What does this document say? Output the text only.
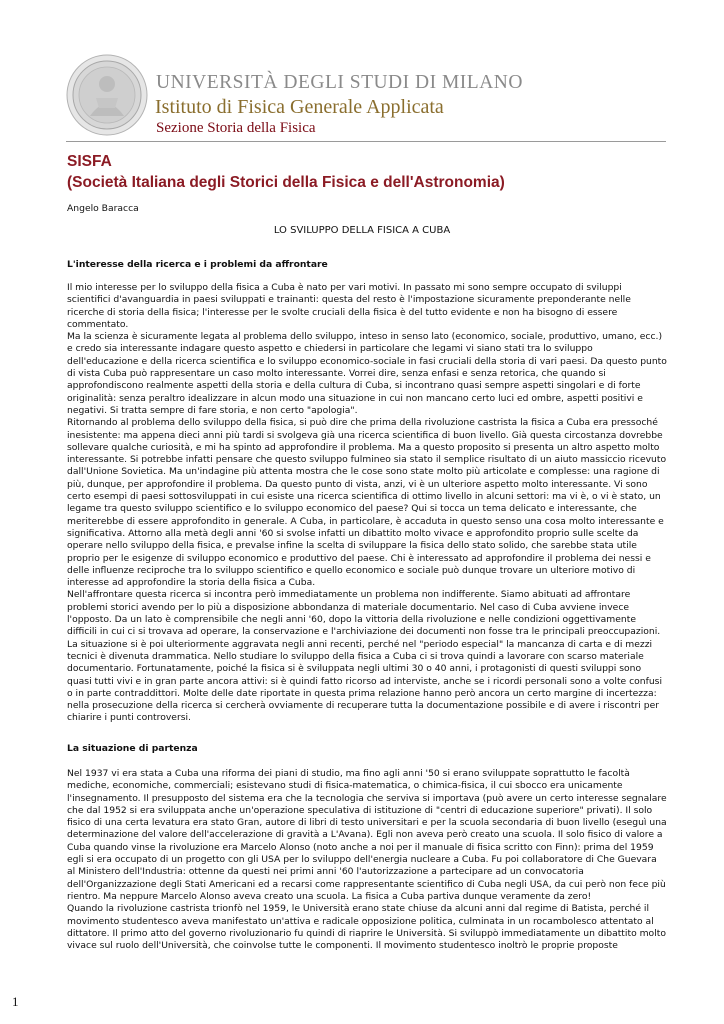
UNIVERSITÀ DEGLI STUDI DI MILANO
Istituto di Fisica Generale Applicata
Sezione Storia della Fisica
SISFA
(Società Italiana degli Storici della Fisica e dell'Astronomia)
Angelo Baracca
LO SVILUPPO DELLA FISICA A CUBA
L'interesse della ricerca e i problemi da affrontare

Il mio interesse per lo sviluppo della fisica a Cuba è nato per vari motivi. In passato mi sono sempre occupato di sviluppi scientifici d'avanguardia in paesi sviluppati e trainanti: questa del resto è l'impostazione sicuramente preponderante nelle ricerche di storia della fisica; l'interesse per le svolte cruciali della fisica è del tutto evidente e non ha bisogno di essere commentato.

Ma la scienza è sicuramente legata al problema dello sviluppo, inteso in senso lato (economico, sociale, produttivo, umano, ecc.) e credo sia interessante indagare questo aspetto e chiedersi in particolare che legami vi siano stati tra lo sviluppo dell'educazione e della ricerca scientifica e lo sviluppo economico-sociale in fasi cruciali della storia di vari paesi. Da questo punto di vista Cuba può rappresentare un caso molto interessante. Vorrei dire, senza enfasi e senza retorica, che quando si approfondiscono realmente aspetti della storia e della cultura di Cuba, si incontrano quasi sempre aspetti singolari e di forte originalità: senza peraltro idealizzare in alcun modo una situazione in cui non mancano certo luci ed ombre, aspetti positivi e negativi. Si tratta sempre di fare storia, e non certo "apologia".

Ritornando al problema dello sviluppo della fisica, si può dire che prima della rivoluzione castrista la fisica a Cuba era pressoché inesistente: ma appena dieci anni più tardi si svolgeva già una ricerca scientifica di buon livello. Già questa circostanza dovrebbe sollevare qualche curiosità, e mi ha spinto ad approfondire il problema. Ma a questo proposito si presenta un altro aspetto molto interessante. Si potrebbe infatti pensare che questo sviluppo fulmineo sia stato il semplice risultato di un aiuto massiccio ricevuto dall'Unione Sovietica. Ma un'indagine più attenta mostra che le cose sono state molto più articolate e complesse: una ragione di più, dunque, per approfondire il problema. Da questo punto di vista, anzi, vi è un ulteriore aspetto molto interessante. Vi sono certo esempi di paesi sottosviluppati in cui esiste una ricerca scientifica di ottimo livello in alcuni settori: ma vi è, o vi è stato, un legame tra questo sviluppo scientifico e lo sviluppo economico del paese? Qui si tocca un tema delicato e interessante, che meriterebbe di essere approfondito in generale. A Cuba, in particolare, è accaduta in questo senso una cosa molto interessante e significativa. Attorno alla metà degli anni '60 si svolse infatti un dibattito molto vivace e approfondito proprio sulle scelte da operare nello sviluppo della fisica, e prevalse infine la scelta di sviluppare la fisica dello stato solido, che sarebbe stata utile proprio per le esigenze di sviluppo economico e produttivo del paese. Chi è interessato ad approfondire il problema dei nessi e delle influenze reciproche tra lo sviluppo scientifico e quello economico e sociale può dunque trovare un ulteriore motivo di interesse ad approfondire la storia della fisica a Cuba.

Nell'affrontare questa ricerca si incontra però immediatamente un problema non indifferente. Siamo abituati ad affrontare problemi storici avendo per lo più a disposizione abbondanza di materiale documentario. Nel caso di Cuba avviene invece l'opposto. Da un lato è comprensibile che negli anni '60, dopo la vittoria della rivoluzione e nelle condizioni oggettivamente difficili in cui ci si trovava ad operare, la conservazione e l'archiviazione dei documenti non fosse tra le principali preoccupazioni. La situazione si è poi ulteriormente aggravata negli anni recenti, perché nel "periodo especial" la mancanza di carta e di mezzi tecnici è divenuta drammatica. Nello studiare lo sviluppo della fisica a Cuba ci si trova quindi a lavorare con scarso materiale documentario. Fortunatamente, poiché la fisica si è sviluppata negli ultimi 30 o 40 anni, i protagonisti di questi sviluppi sono quasi tutti vivi e in gran parte ancora attivi: si è quindi fatto ricorso ad interviste, anche se i ricordi personali sono a volte confusi o in parte contraddittori. Molte delle date riportate in questa prima relazione hanno però ancora un certo margine di incertezza: nella prosecuzione della ricerca si cercherà ovviamente di recuperare tutta la documentazione possibile e di avere i riscontri per chiarire i punti controversi.

La situazione di partenza

Nel 1937 vi era stata a Cuba una riforma dei piani di studio, ma fino agli anni '50 si erano sviluppate soprattutto le facoltà mediche, economiche, commerciali; esistevano studi di fisica-matematica, o chimica-fisica, il cui sbocco era unicamente l'insegnamento. Il presupposto del sistema era che la tecnologia che serviva si importava (può avere un certo interesse segnalare che dal 1952 si era sviluppata anche un'operazione speculativa di istituzione di "centri di educazione superiore" privati). Il solo fisico di una certa levatura era stato Gran, autore di libri di testo universitari e per la scuola secondaria di buon livello (eseguì una determinazione del valore dell'accelerazione di gravità a L'Avana). Egli non aveva però creato una scuola. Il solo fisico di valore a Cuba quando vinse la rivoluzione era Marcelo Alonso (noto anche a noi per il manuale di fisica scritto con Finn): prima del 1959 egli si era occupato di un progetto con gli USA per lo sviluppo dell'energia nucleare a Cuba. Fu poi collaboratore di Che Guevara al Ministero dell'Industria: ottenne da questi nei primi anni '60 l'autorizzazione a partecipare ad un convocatoria dell'Organizzazione degli Stati Americani ed a recarsi come rappresentante scientifico di Cuba negli USA, da cui però non fece più rientro. Ma neppure Marcelo Alonso aveva creato una scuola. La fisica a Cuba partiva dunque veramente da zero!

Quando la rivoluzione castrista trionfò nel 1959, le Università erano state chiuse da alcuni anni dal regime di Batista, perché il movimento studentesco aveva manifestato un'attiva e radicale opposizione politica, culminata in un rocambolesco attentato al dittatore. Il primo atto del governo rivoluzionario fu quindi di riaprire le Università. Si sviluppò immediatamente un dibattito molto vivace sul ruolo dell'Università, che coinvolse tutte le componenti. Il movimento studentesco inoltrò le proprie proposte

1
